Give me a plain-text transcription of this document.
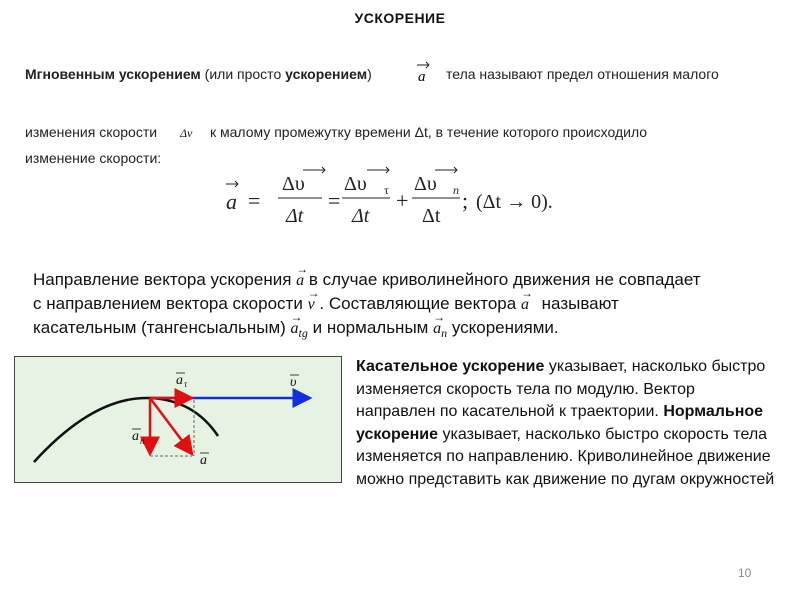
УСКОРЕНИЕ
Мгновенным ускорением (или просто ускорением)	a тела называют предел отношения малого
изменения скорости Δv к малому промежутку времени Δt, в течение которого происходило
изменение скорости:
a =
Δυ
Δt
=
Δυ τ
Δt
+
Δυ n
Δt
; (Δt → 0).
Направление вектора ускорения
→
a в случае криволинейного движения не совпадает
с направлением вектора скорости
→
v . Составляющие вектора
→
a называют
касательным (тангенсыальным)
→
$a_{tg}$ и нормальным
→
$a_n$ ускорениями.
a τ	υ
a n
a
Касательное ускорение указывает, насколько быстро изменяется скорость тела по модулю. Вектор направлен по касательной к траектории. Нормальное ускорение указывает, насколько быстро скорость тела изменяется по направлению. Криволинейное движение можно представить как движение по дугам окружностей
10
